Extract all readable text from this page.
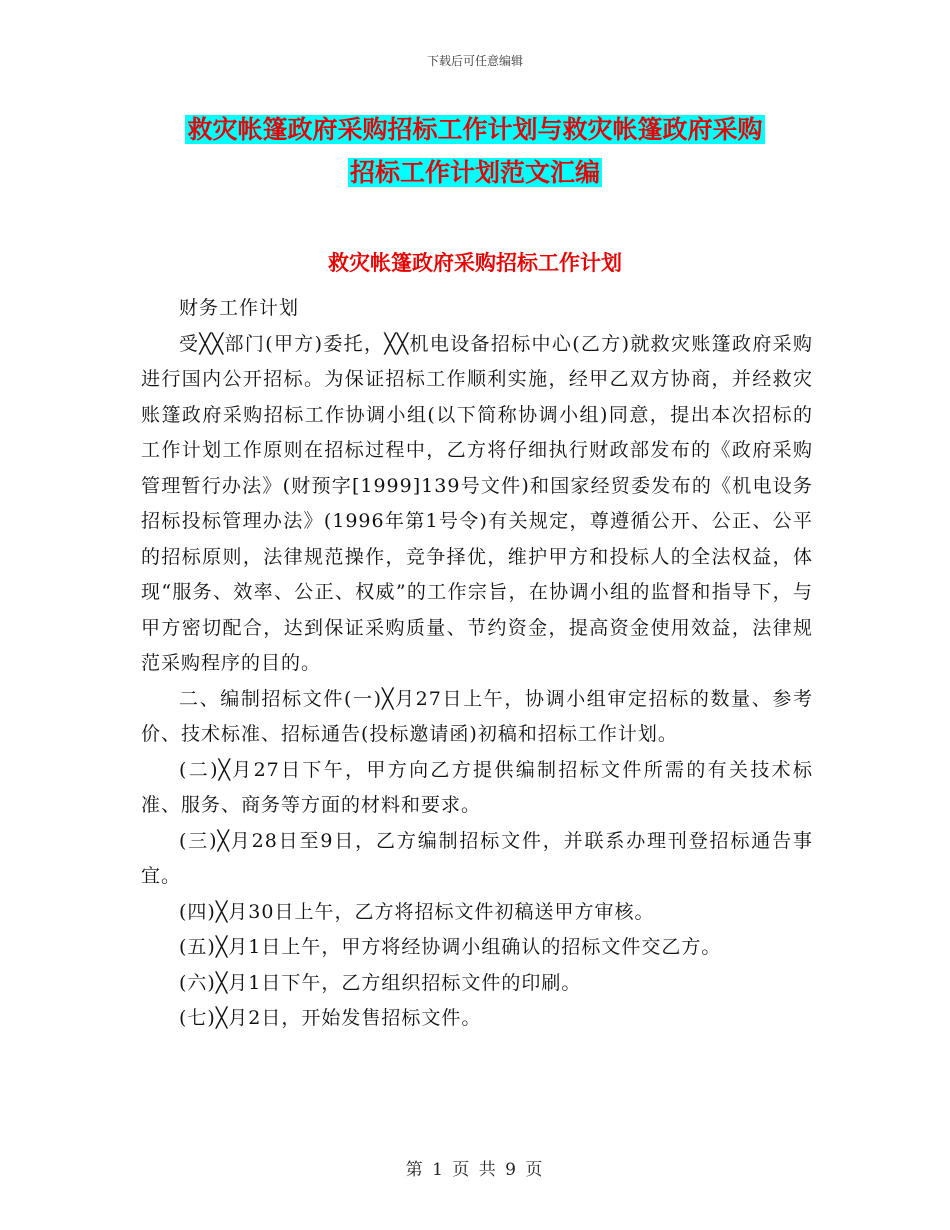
下载后可任意编辑
救灾帐篷政府采购招标工作计划与救灾帐篷政府采购
招标工作计划范文汇编
救灾帐篷政府采购招标工作计划

财务工作计划

受╳╳部门(甲方)委托，╳╳机电设备招标中心(乙方)就救灾账篷政府采购进行国内公开招标。为保证招标工作顺利实施，经甲乙双方协商，并经救灾账篷政府采购招标工作协调小组(以下简称协调小组)同意，提出本次招标的工作计划工作原则在招标过程中，乙方将仔细执行财政部发布的《政府采购管理暂行办法》(财预字[1999]139号文件)和国家经贸委发布的《机电设务招标投标管理办法》(1996年第1号令)有关规定，尊遵循公开、公正、公平的招标原则，法律规范操作，竞争择优，维护甲方和投标人的全法权益，体现“服务、效率、公正、权威”的工作宗旨，在协调小组的监督和指导下，与甲方密切配合，达到保证采购质量、节约资金，提高资金使用效益，法律规范采购程序的目的。

二、编制招标文件(一)╳月27日上午，协调小组审定招标的数量、参考价、技术标准、招标通告(投标邀请函)初稿和招标工作计划。

(二)╳月27日下午，甲方向乙方提供编制招标文件所需的有关技术标准、服务、商务等方面的材料和要求。

(三)╳月28日至9日，乙方编制招标文件，并联系办理刊登招标通告事宜。

(四)╳月30日上午，乙方将招标文件初稿送甲方审核。

(五)╳月1日上午，甲方将经协调小组确认的招标文件交乙方。

(六)╳月1日下午，乙方组织招标文件的印刷。

(七)╳月2日，开始发售招标文件。

第 1 页 共 9 页
